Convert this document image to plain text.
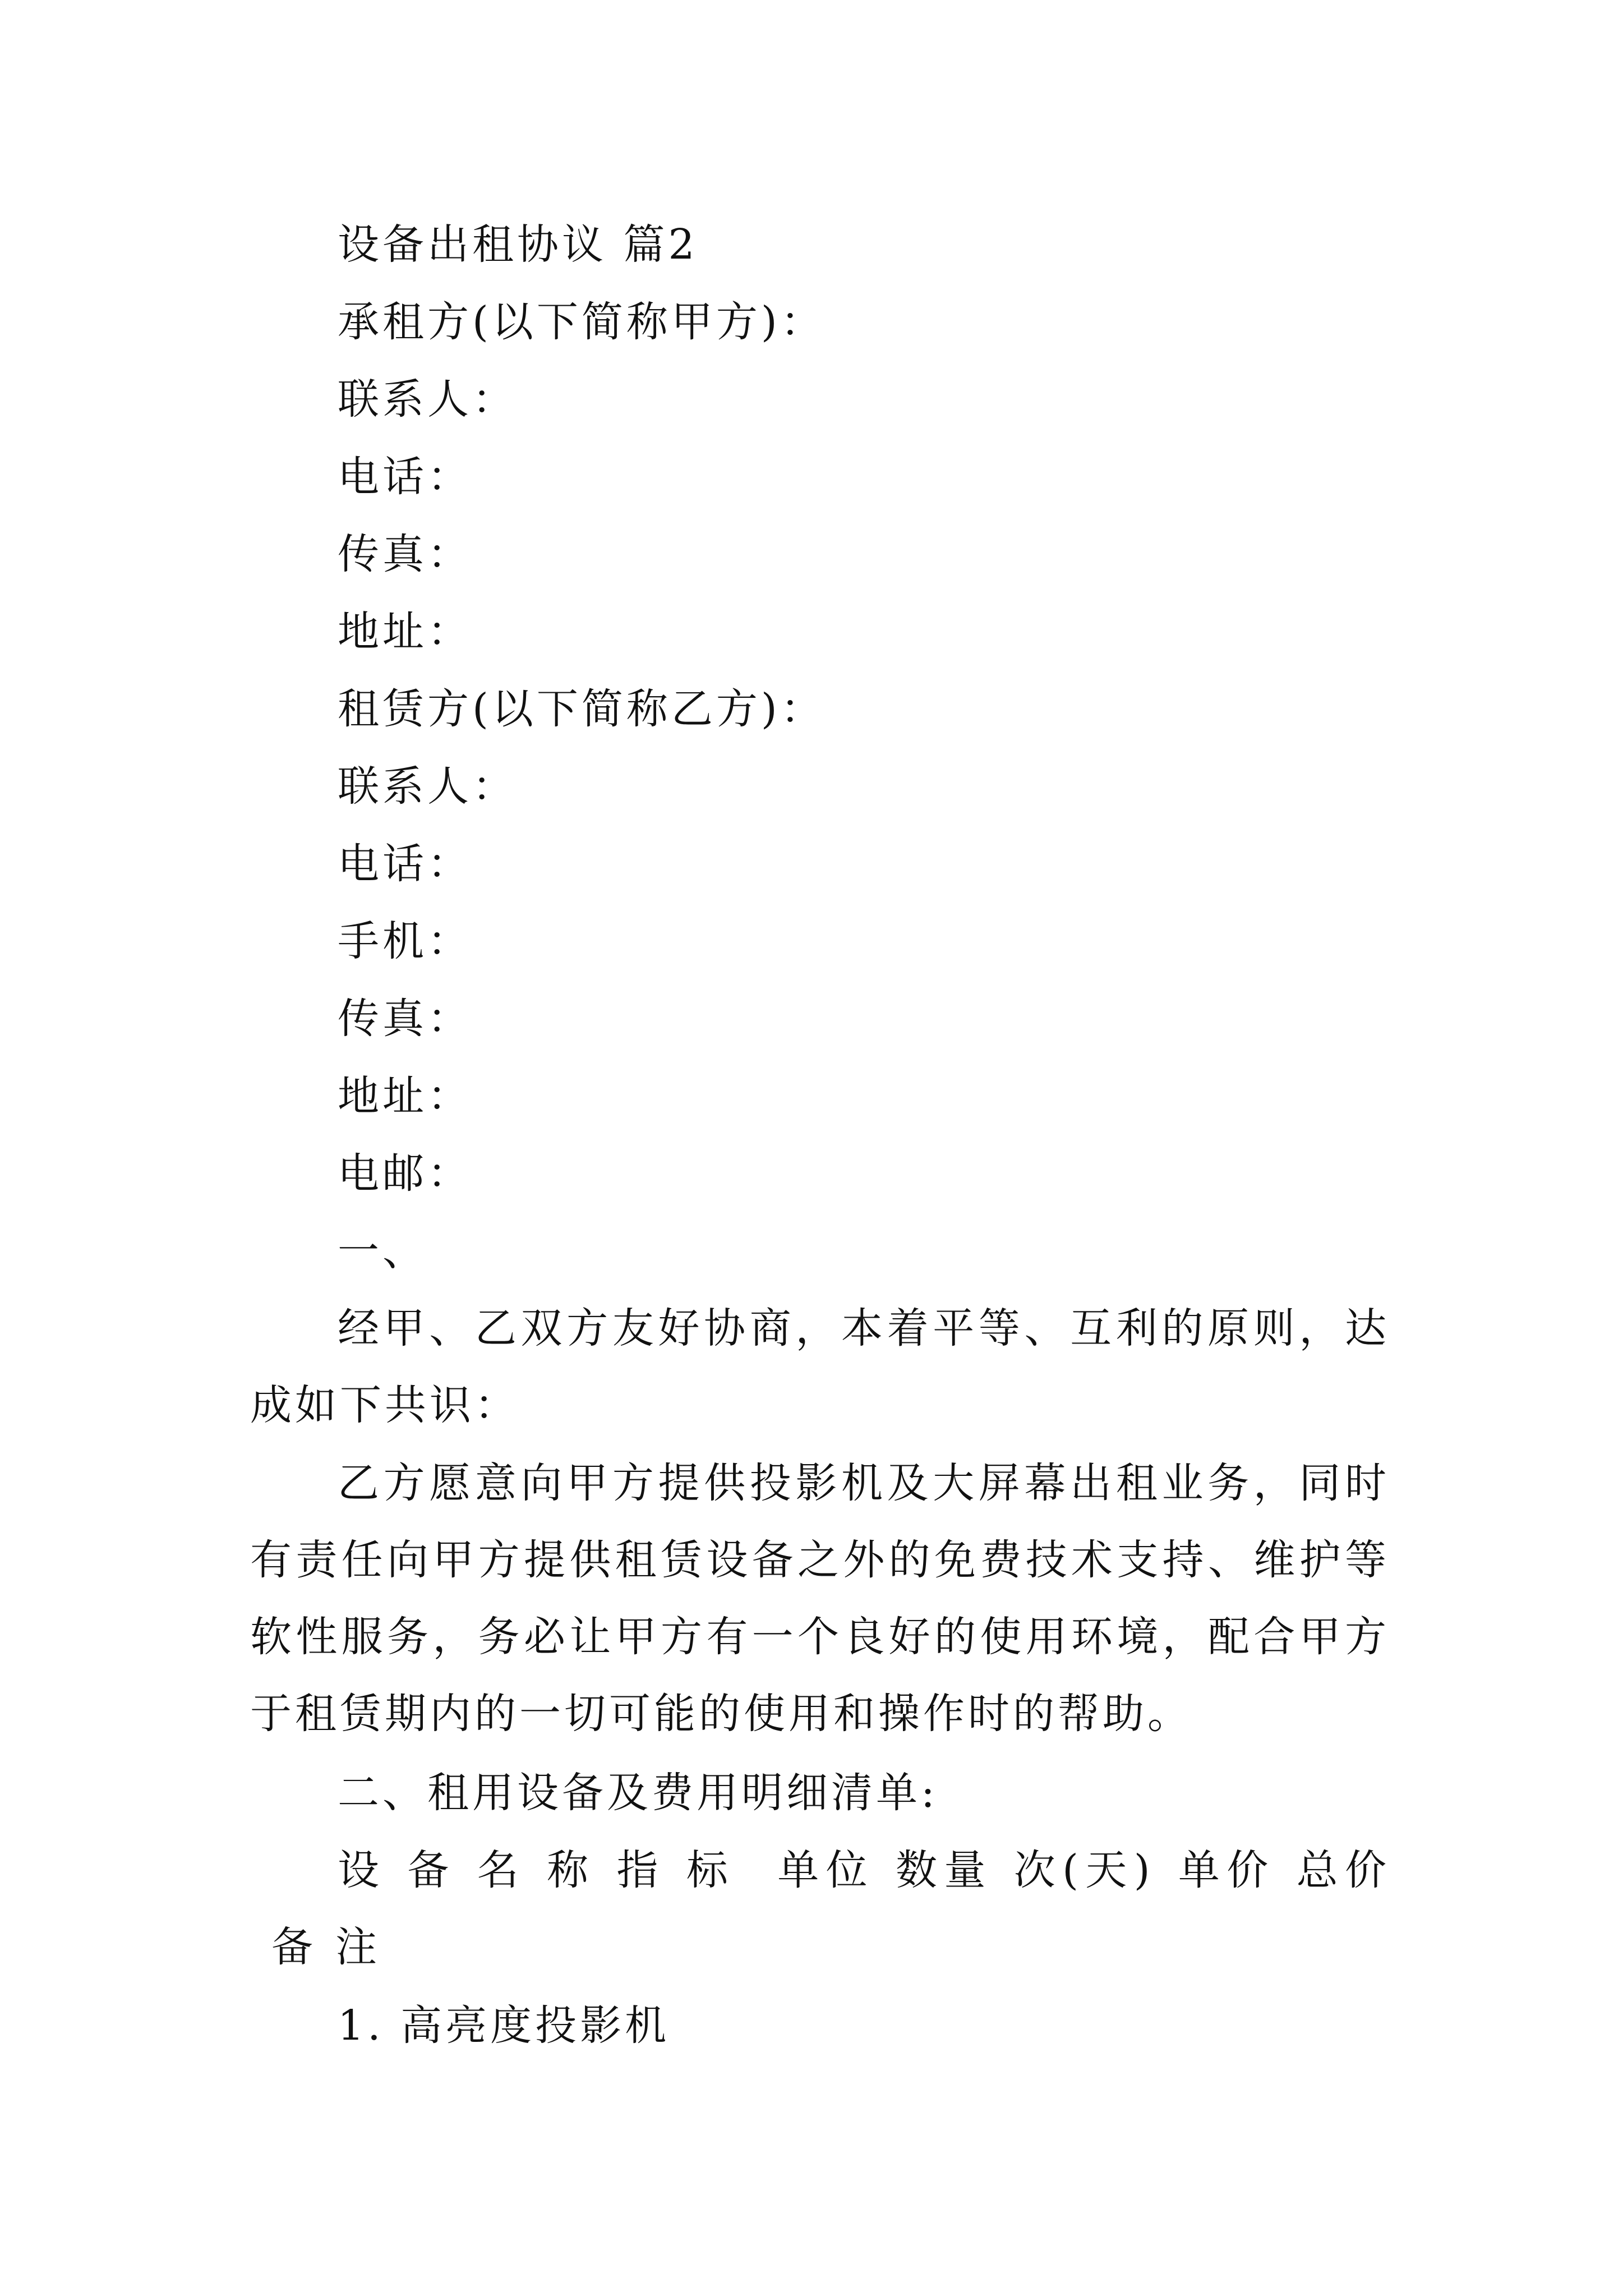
设备出租协议 篇2
承租方(以下简称甲方)：
联系人：
电话：
传真：
地址：
租赁方(以下简称乙方)：
联系人：
电话：
手机：
传真：
地址：
电邮：
一、
经甲、乙双方友好协商，本着平等、互利的原则，达成如下共识：
乙方愿意向甲方提供投影机及大屏幕出租业务，同时有责任向甲方提供租赁设备之外的免费技术支持、维护等软性服务，务必让甲方有一个良好的使用环境，配合甲方于租赁期内的一切可能的使用和操作时的帮助。
二、租用设备及费用明细清单:
设备名称指标 单位 数量 次(天) 单价 总价备注
1. 高亮度投影机
